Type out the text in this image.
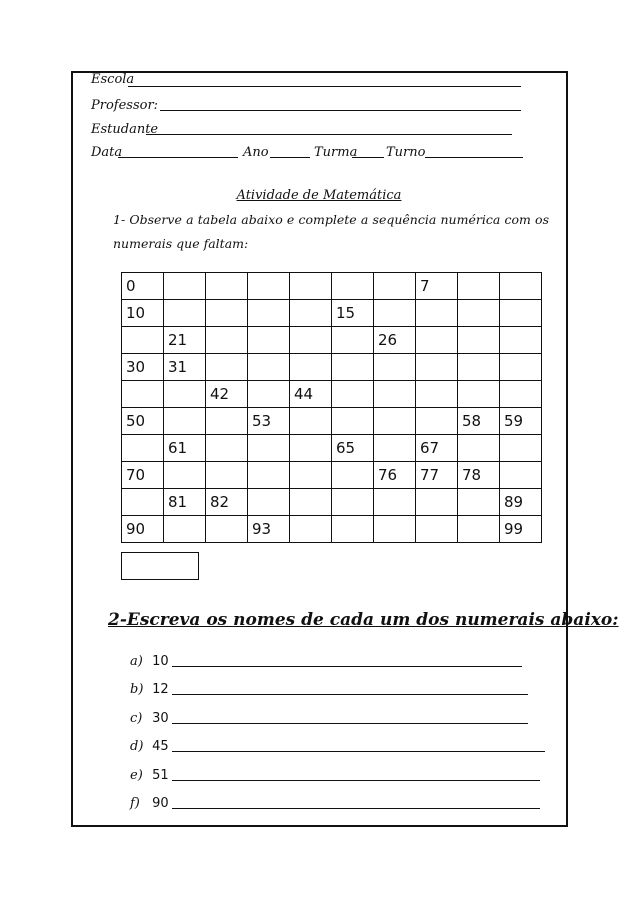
Escola
Professor:
Estudante
Data	Ano	Turma Turno
Atividade de Matemática
1- Observe a tabela abaixo e complete a sequência numérica com os numerais que faltam:
0							7		
10					15				
	21					26			
30	31								
		42		44					
50			53					58	59
	61				65		67		
70						76	77	78	
	81	82							89
90			93						99
2-Escreva os nomes de cada um dos numerais abaixo:
a) 10
b) 12
c) 30
d) 45
e) 51
f) 90
